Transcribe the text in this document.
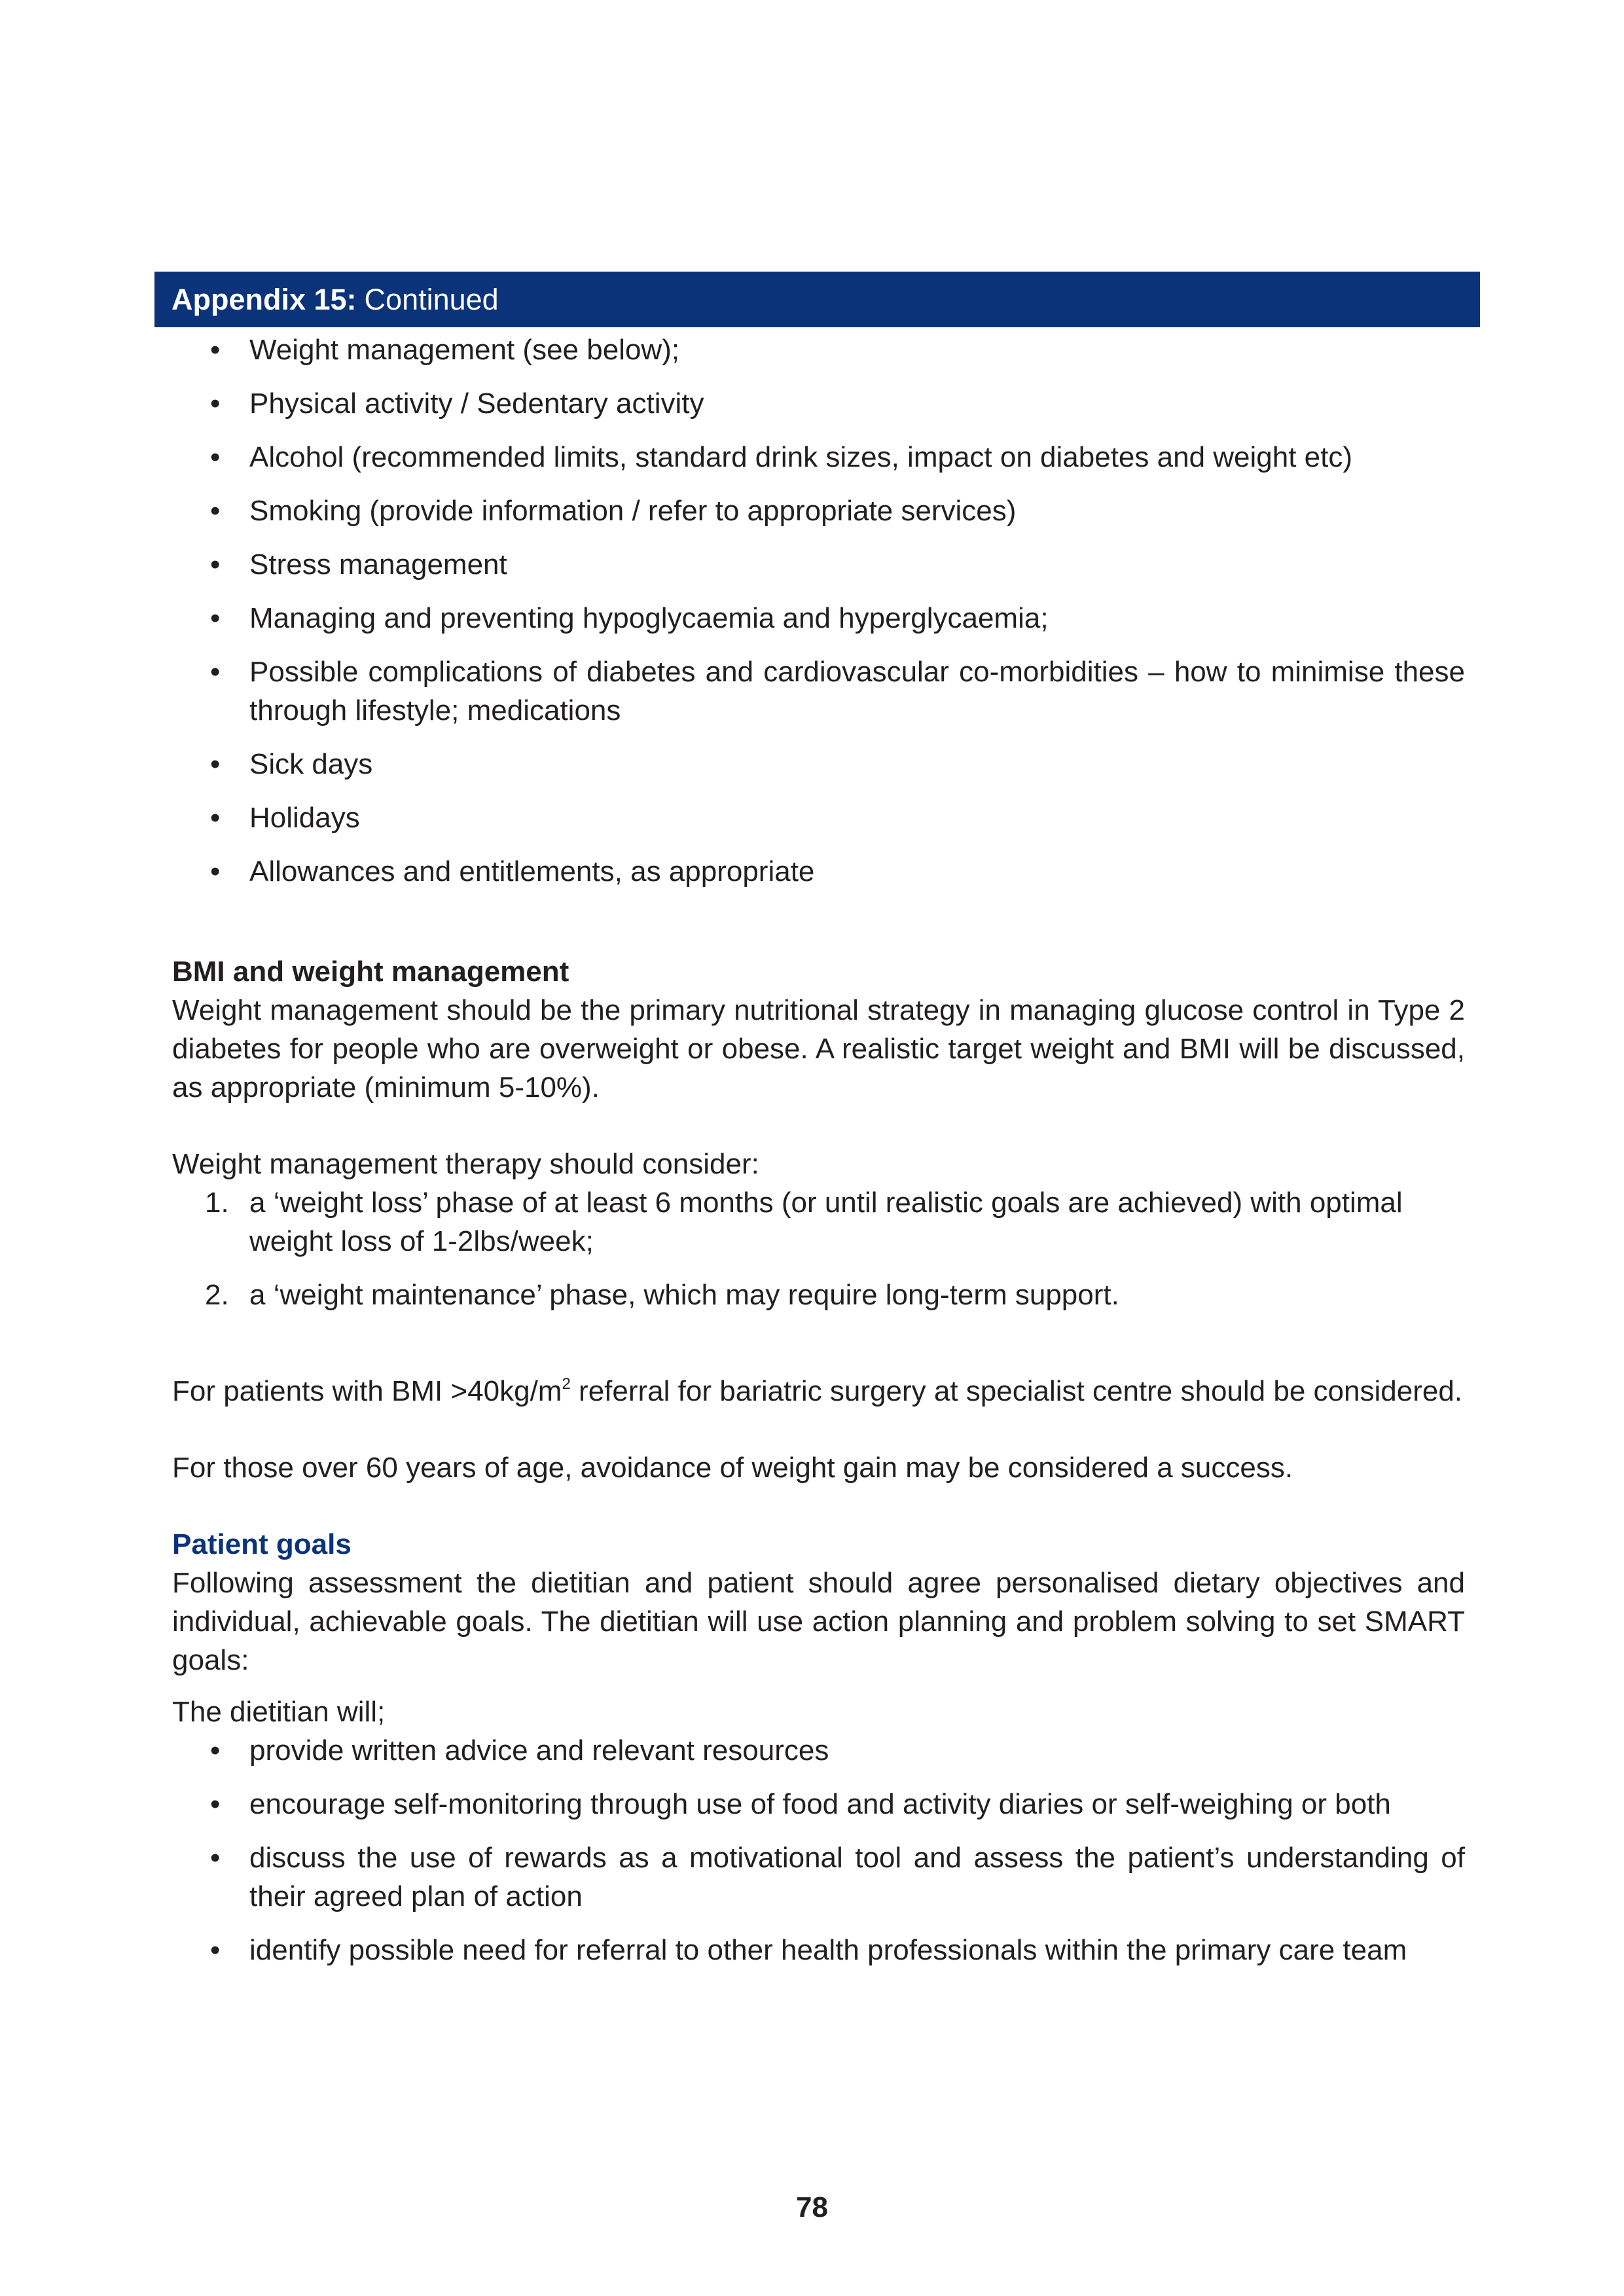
Appendix 15: Continued
• Weight management (see below);
• Physical activity / Sedentary activity
• Alcohol (recommended limits, standard drink sizes, impact on diabetes and weight etc)
• Smoking (provide information / refer to appropriate services)
• Stress management
• Managing and preventing hypoglycaemia and hyperglycaemia;
• Possible complications of diabetes and cardiovascular co-morbidities – how to minimise these through lifestyle; medications
• Sick days
• Holidays
• Allowances and entitlements, as appropriate

BMI and weight management

Weight management should be the primary nutritional strategy in managing glucose control in Type 2 diabetes for people who are overweight or obese. A realistic target weight and BMI will be discussed, as appropriate (minimum 5-10%).

Weight management therapy should consider:

1. a ‘weight loss’ phase of at least 6 months (or until realistic goals are achieved) with optimal weight loss of 1-2lbs/week;
2. a ‘weight maintenance’ phase, which may require long-term support.

For patients with BMI $>40kg/m^2$ referral for bariatric surgery at specialist centre should be considered.

For those over 60 years of age, avoidance of weight gain may be considered a success.

Patient goals

Following assessment the dietitian and patient should agree personalised dietary objectives and individual, achievable goals. The dietitian will use action planning and problem solving to set SMART goals:

The dietitian will;

• provide written advice and relevant resources
• encourage self-monitoring through use of food and activity diaries or self-weighing or both
• discuss the use of rewards as a motivational tool and assess the patient’s understanding of their agreed plan of action
• identify possible need for referral to other health professionals within the primary care team
78
